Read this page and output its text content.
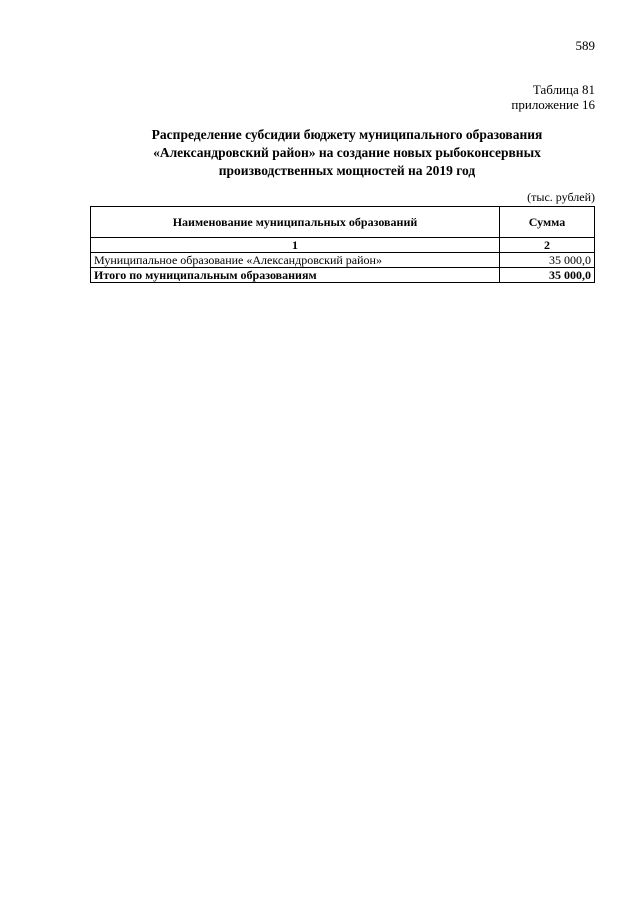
589
Таблица 81
приложение 16
Распределение субсидии бюджету муниципального образования
«Александровский район» на создание новых рыбоконсервных
производственных мощностей на 2019 год
(тыс. рублей)
Наименование муниципальных образований	Сумма
1	2
Муниципальное образование «Александровский район»	35 000,0
Итого по муниципальным образованиям	35 000,0
